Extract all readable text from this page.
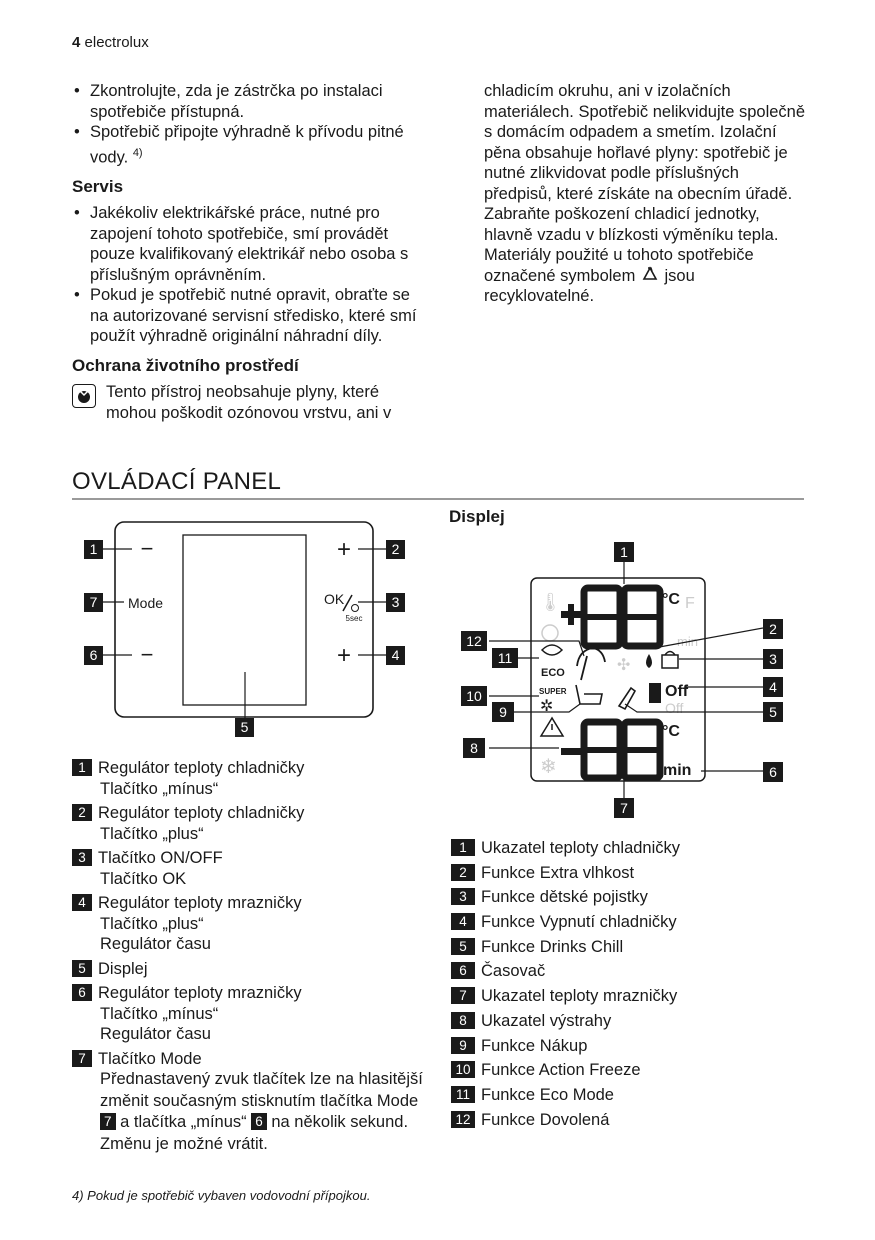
4 electrolux
• Zkontrolujte, zda je zástrčka po instalaci spotřebiče přístupná.
• Spotřebič připojte výhradně k přívodu pitné vody. $^{4)}$
Servis
• Jakékoliv elektrikářské práce, nutné pro zapojení tohoto spotřebiče, smí provádět pouze kvalifikovaný elektrikář nebo osoba s příslušným oprávněním.
• Pokud je spotřebič nutné opravit, obraťte se na autorizované servisní středisko, které smí použít výhradně originální náhradní díly.
Ochrana životního prostředí
Tento přístroj neobsahuje plyny, které mohou poškodit ozónovou vrstvu, ani v
chladicím okruhu, ani v izolačních materiálech. Spotřebič nelikvidujte společně s domácím odpadem a smetím. Izolační pěna obsahuje hořlavé plyny: spotřebič je nutné zlikvidovat podle příslušných předpisů, které získáte na obecním úřadě. Zabraňte poškození chladicí jednotky, hlavně vzadu v blízkosti výměníku tepla. Materiály použité u tohoto spotřebiče označené symbolem jsou recyklovatelné.
OVLÁDACÍ PANEL
1	2
3
4
5
6
7
−
−
+
+
Mode	OK
5sec
Displej
°C F
min
🌡
ECO	✣
Off
Off
SUPER
✲
❄
°C
min
1
2
3
4
5
6
7
8
9
10
11
12
1 Regulátor teploty chladničky
Tlačítko „mínus“
2 Regulátor teploty chladničky
Tlačítko „plus“
3 Tlačítko ON/OFF
Tlačítko OK
4 Regulátor teploty mrazničky
Tlačítko „plus“
Regulátor času
5 Displej
6 Regulátor teploty mrazničky
Tlačítko „mínus“
Regulátor času
7 Tlačítko Mode
Přednastavený zvuk tlačítek lze na hlasitější změnit současným stisknutím tlačítka Mode 7 a tlačítka „mínus“ 6 na několik sekund. Změnu je možné vrátit.
1 Ukazatel teploty chladničky
2 Funkce Extra vlhkost
3 Funkce dětské pojistky
4 Funkce Vypnutí chladničky
5 Funkce Drinks Chill
6 Časovač
7 Ukazatel teploty mrazničky
8 Ukazatel výstrahy
9 Funkce Nákup
10 Funkce Action Freeze
11 Funkce Eco Mode
12 Funkce Dovolená
4) Pokud je spotřebič vybaven vodovodní přípojkou.
